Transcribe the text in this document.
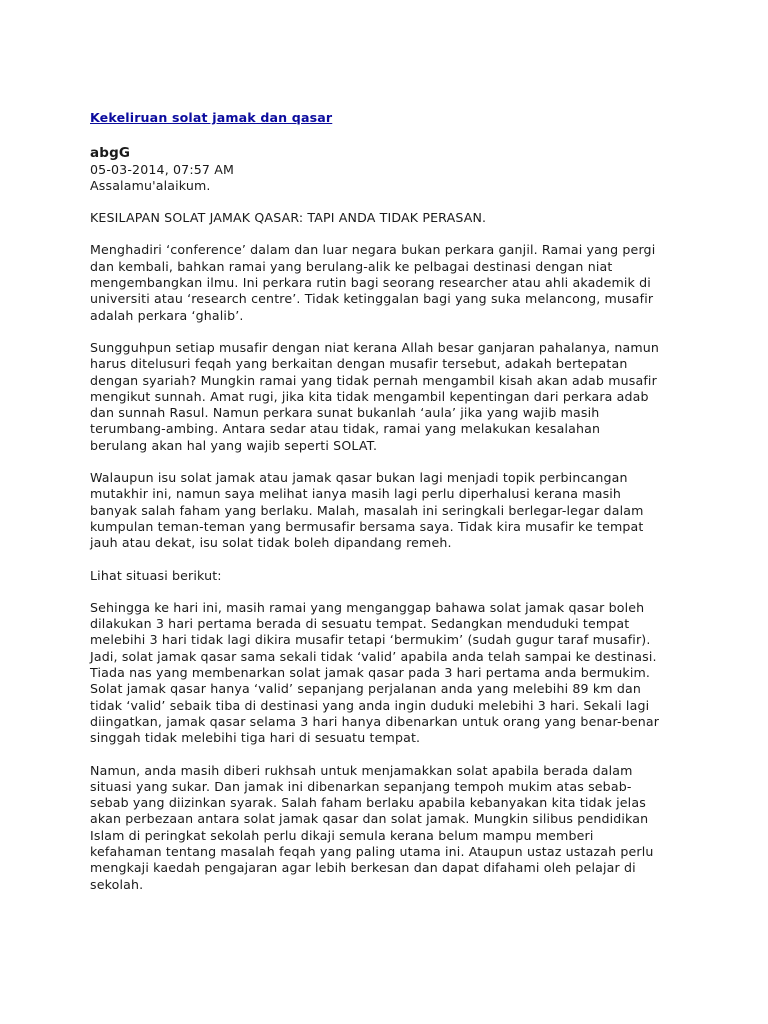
Kekeliruan solat jamak dan qasar

abgG

05-03-2014, 07:57 AM

Assalamu'alaikum.

KESILAPAN SOLAT JAMAK QASAR: TAPI ANDA TIDAK PERASAN.

Menghadiri ‘conference’ dalam dan luar negara bukan perkara ganjil. Ramai yang pergi
dan kembali, bahkan ramai yang berulang-alik ke pelbagai destinasi dengan niat
mengembangkan ilmu. Ini perkara rutin bagi seorang researcher atau ahli akademik di
universiti atau ‘research centre’. Tidak ketinggalan bagi yang suka melancong, musafir
adalah perkara ‘ghalib’.

Sungguhpun setiap musafir dengan niat kerana Allah besar ganjaran pahalanya, namun
harus ditelusuri feqah yang berkaitan dengan musafir tersebut, adakah bertepatan
dengan syariah? Mungkin ramai yang tidak pernah mengambil kisah akan adab musafir
mengikut sunnah. Amat rugi, jika kita tidak mengambil kepentingan dari perkara adab
dan sunnah Rasul. Namun perkara sunat bukanlah ‘aula’ jika yang wajib masih
terumbang-ambing. Antara sedar atau tidak, ramai yang melakukan kesalahan
berulang akan hal yang wajib seperti SOLAT.

Walaupun isu solat jamak atau jamak qasar bukan lagi menjadi topik perbincangan
mutakhir ini, namun saya melihat ianya masih lagi perlu diperhalusi kerana masih
banyak salah faham yang berlaku. Malah, masalah ini seringkali berlegar-legar dalam
kumpulan teman-teman yang bermusafir bersama saya. Tidak kira musafir ke tempat
jauh atau dekat, isu solat tidak boleh dipandang remeh.

Lihat situasi berikut:

Sehingga ke hari ini, masih ramai yang menganggap bahawa solat jamak qasar boleh
dilakukan 3 hari pertama berada di sesuatu tempat. Sedangkan menduduki tempat
melebihi 3 hari tidak lagi dikira musafir tetapi ‘bermukim’ (sudah gugur taraf musafir).
Jadi, solat jamak qasar sama sekali tidak ‘valid’ apabila anda telah sampai ke destinasi.
Tiada nas yang membenarkan solat jamak qasar pada 3 hari pertama anda bermukim.
Solat jamak qasar hanya ‘valid’ sepanjang perjalanan anda yang melebihi 89 km dan
tidak ‘valid’ sebaik tiba di destinasi yang anda ingin duduki melebihi 3 hari. Sekali lagi
diingatkan, jamak qasar selama 3 hari hanya dibenarkan untuk orang yang benar-benar
singgah tidak melebihi tiga hari di sesuatu tempat.

Namun, anda masih diberi rukhsah untuk menjamakkan solat apabila berada dalam
situasi yang sukar. Dan jamak ini dibenarkan sepanjang tempoh mukim atas sebab-
sebab yang diizinkan syarak. Salah faham berlaku apabila kebanyakan kita tidak jelas
akan perbezaan antara solat jamak qasar dan solat jamak. Mungkin silibus pendidikan
Islam di peringkat sekolah perlu dikaji semula kerana belum mampu memberi
kefahaman tentang masalah feqah yang paling utama ini. Ataupun ustaz ustazah perlu
mengkaji kaedah pengajaran agar lebih berkesan dan dapat difahami oleh pelajar di
sekolah.
